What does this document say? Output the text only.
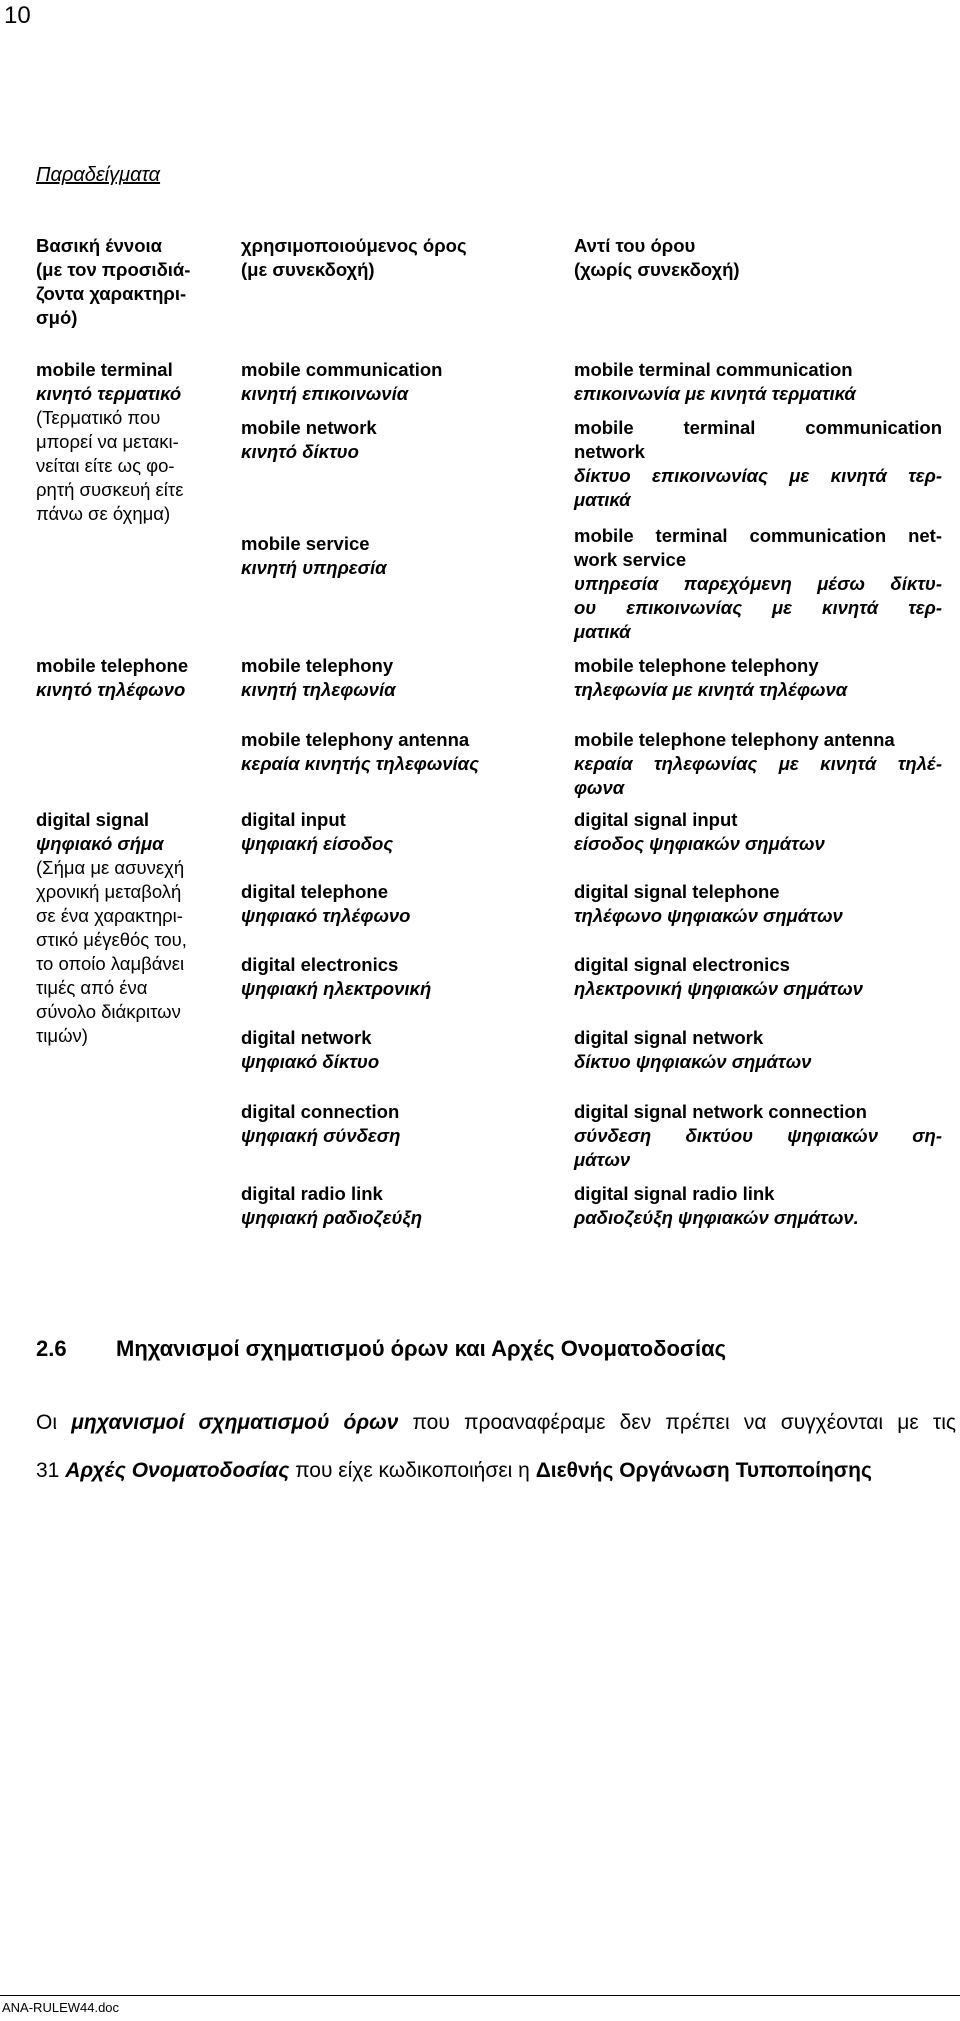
10
Παραδείγματα
Βασική έννοια
(με τον προσιδιά-
ζοντα χαρακτηρι-
σμό)
χρησιμοποιούμενος όρος
(με συνεκδοχή)
Αντί του όρου
(χωρίς συνεκδοχή)
mobile terminal
κινητό τερματικό
(Τερματικό που
μπορεί να μετακι-
νείται είτε ως φο-
ρητή συσκευή είτε
πάνω σε όχημα)
mobile telephone
κινητό τηλέφωνο
digital signal
ψηφιακό σήμα
(Σήμα με ασυνεχή
χρονική μεταβολή
σε ένα χαρακτηρι-
στικό μέγεθός του,
το οποίο λαμβάνει
τιμές από ένα
σύνολο διάκριτων
τιμών)
mobile communication
κινητή επικοινωνία
mobile network
κινητό δίκτυο
mobile service
κινητή υπηρεσία
mobile telephony
κινητή τηλεφωνία
mobile telephony antenna
κεραία κινητής τηλεφωνίας
digital input
ψηφιακή είσοδος
digital telephone
ψηφιακό τηλέφωνο
digital electronics
ψηφιακή ηλεκτρονική
digital network
ψηφιακό δίκτυο
digital connection
ψηφιακή σύνδεση
digital radio link
ψηφιακή ραδιοζεύξη
mobile terminal communication
επικοινωνία με κινητά τερματικά
mobile terminal communication
network
δίκτυο επικοινωνίας με κινητά τερ-
ματικά
mobile terminal communication net-
work service
υπηρεσία παρεχόμενη μέσω δίκτυ-
ου επικοινωνίας με κινητά τερ-
ματικά
mobile telephone telephony
τηλεφωνία με κινητά τηλέφωνα
mobile telephone telephony antenna
κεραία τηλεφωνίας με κινητά τηλέ-
φωνα
digital signal input
είσοδος ψηφιακών σημάτων
digital signal telephone
τηλέφωνο ψηφιακών σημάτων
digital signal electronics
ηλεκτρονική ψηφιακών σημάτων
digital signal network
δίκτυο ψηφιακών σημάτων
digital signal network connection
σύνδεση δικτύου ψηφιακών ση-
μάτων
digital signal radio link
ραδιοζεύξη ψηφιακών σημάτων.
2.6 Μηχανισμοί σχηματισμού όρων και Αρχές Ονοματοδοσίας
Οι μηχανισμοί σχηματισμού όρων που προαναφέραμε δεν πρέπει να συγχέονται με τις
31 Αρχές Ονοματοδοσίας που είχε κωδικοποιήσει η Διεθνής Οργάνωση Τυποποίησης
ANA-RULEW44.doc
